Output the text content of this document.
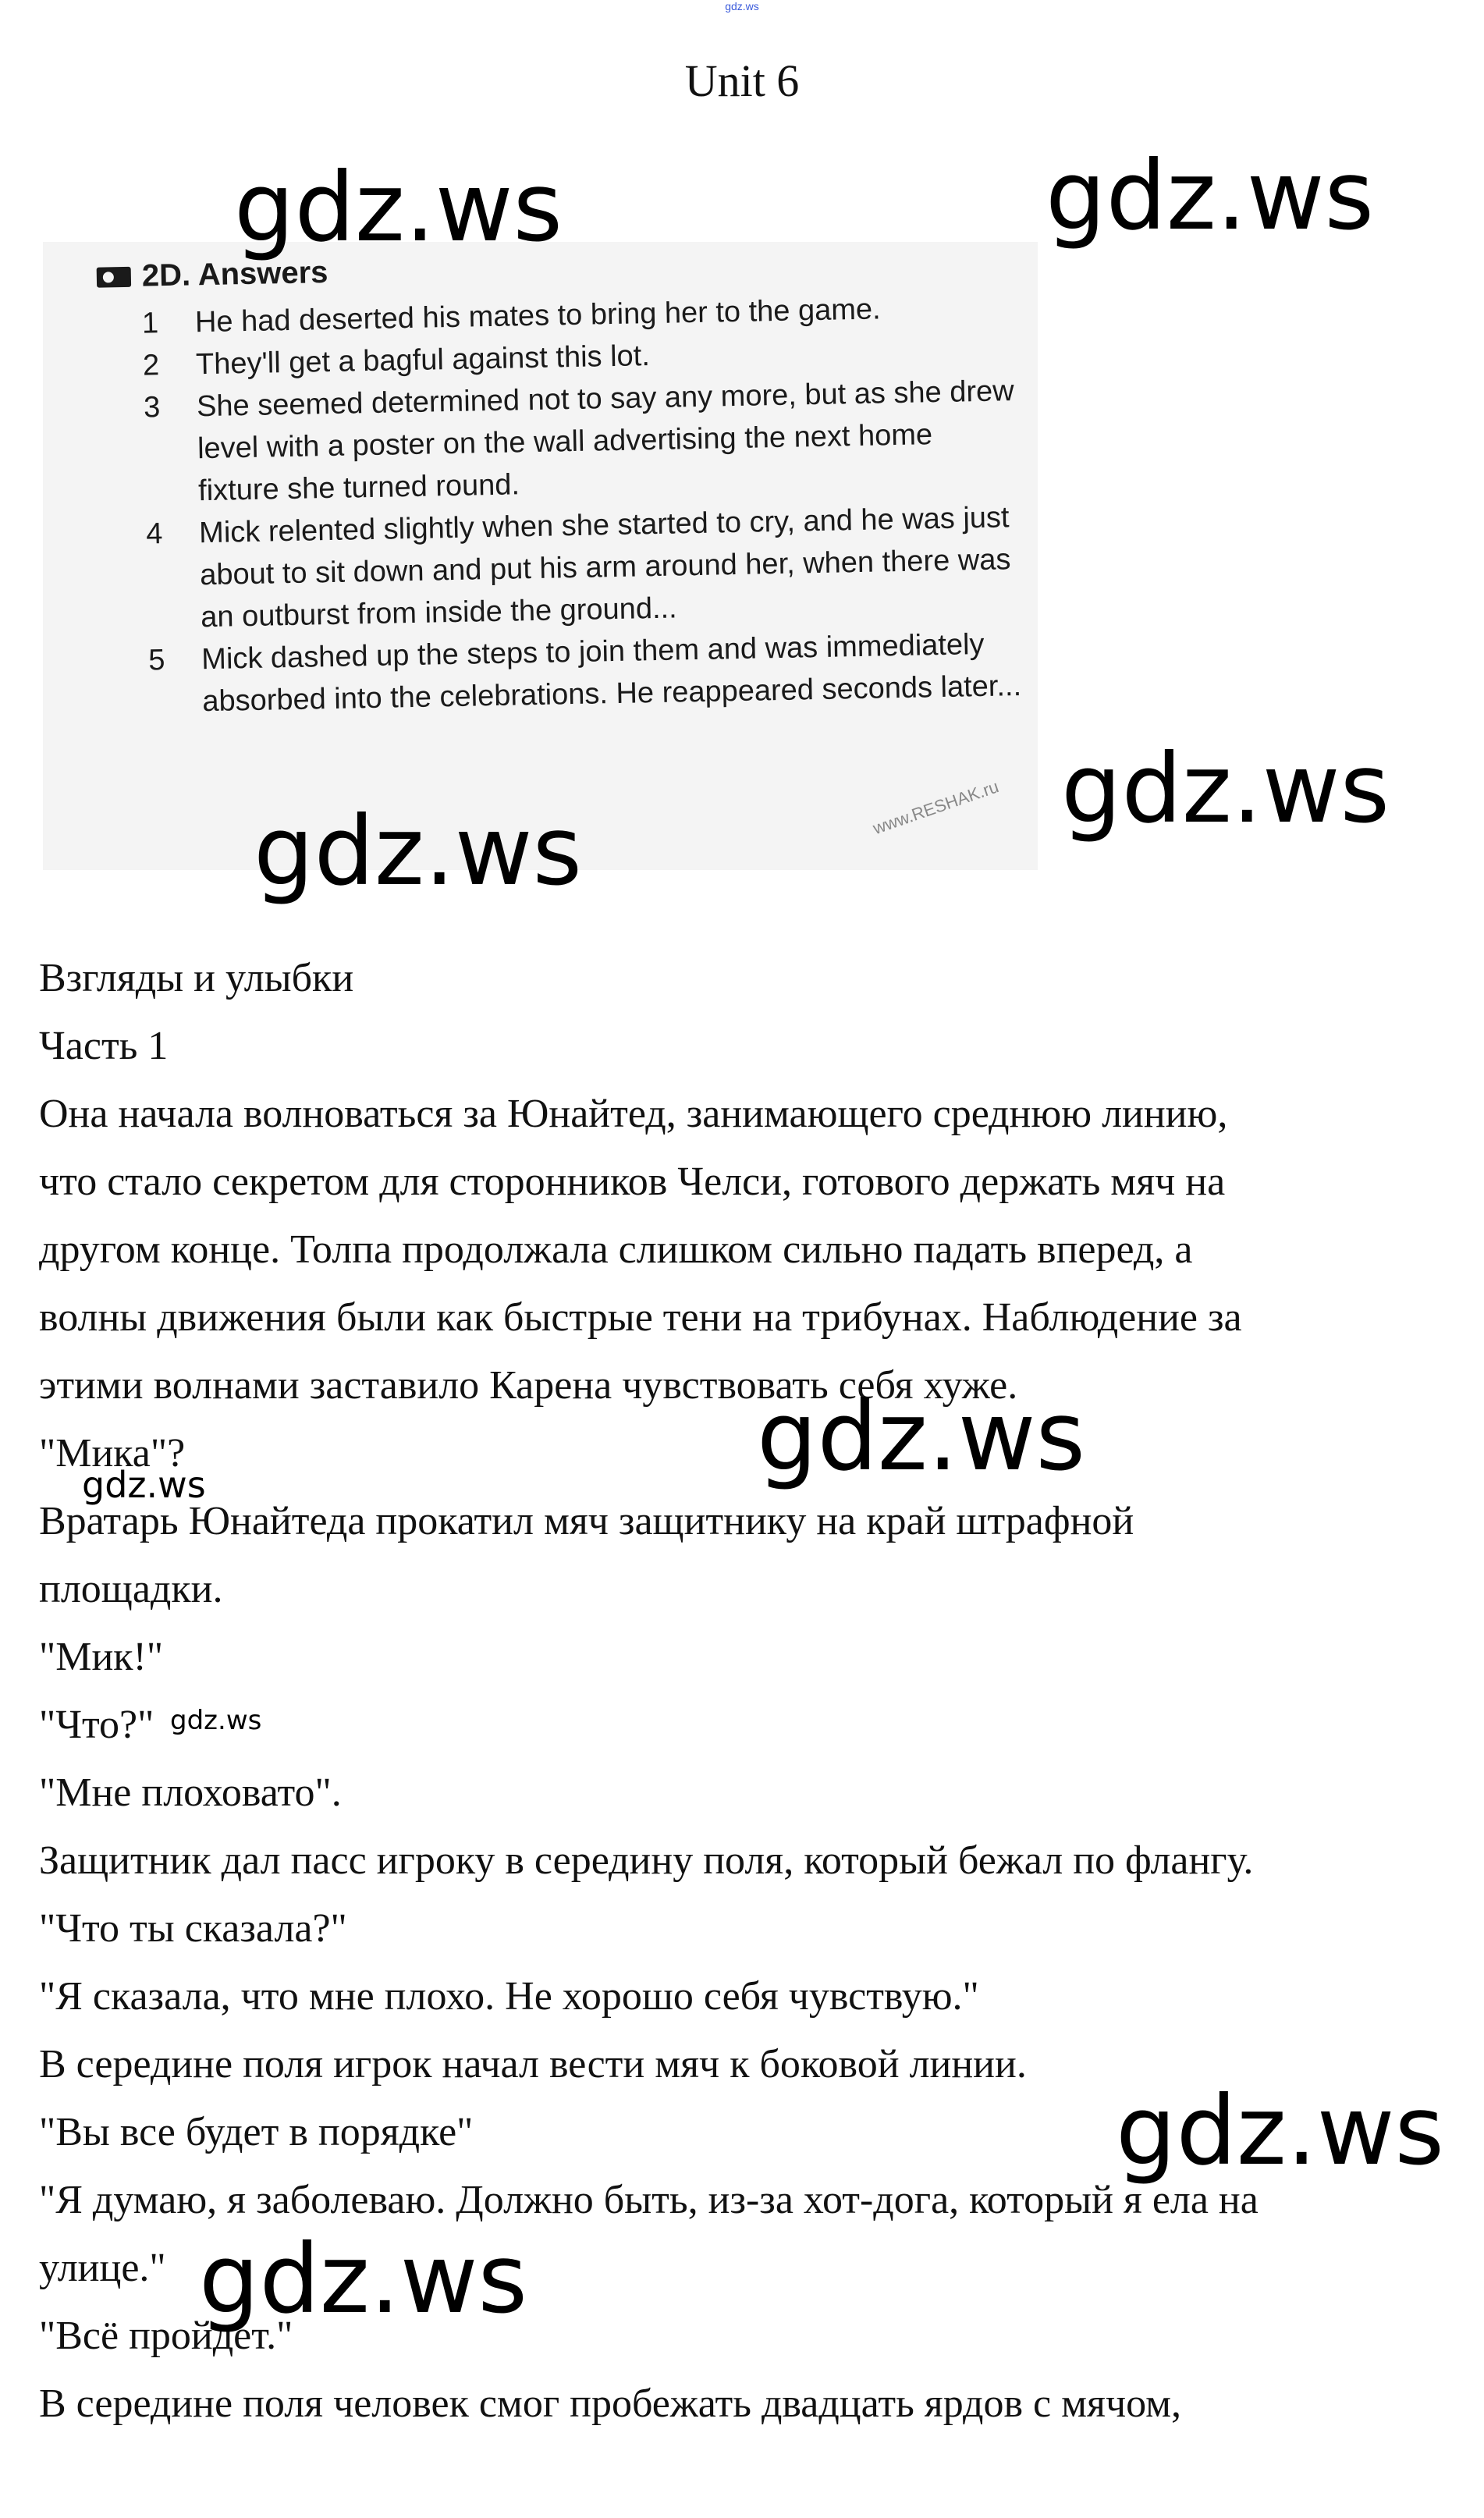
gdz.ws
Unit 6
2D. Answers
1	He had deserted his mates to bring her to the game.
2	They'll get a bagful against this lot.
3	She seemed determined not to say any more, but as she drew level with a poster on the wall advertising the next home fixture she turned round.
4	Mick relented slightly when she started to cry, and he was just about to sit down and put his arm around her, when there was an outburst from inside the ground...
5	Mick dashed up the steps to join them and was immediately absorbed into the celebrations. He reappeared seconds later...
www.RESHAK.ru

Взгляды и улыбки

Часть 1

Она начала волноваться за Юнайтед, занимающего среднюю линию,

что стало секретом для сторонников Челси, готового держать мяч на

другом конце. Толпа продолжала слишком сильно падать вперед, а

волны движения были как быстрые тени на трибунах. Наблюдение за

этими волнами заставило Карена чувствовать себя хуже.

"Мика"?

Вратарь Юнайтеда прокатил мяч защитнику на край штрафной

площадки.

"Мик!"

"Что?"

"Мне плоховато".

Защитник дал пасс игроку в середину поля, который бежал по флангу.

"Что ты сказала?"

"Я сказала, что мне плохо. Не хорошо себя чувствую."

В середине поля игрок начал вести мяч к боковой линии.

"Вы все будет в порядке"

"Я думаю, я заболеваю. Должно быть, из-за хот-дога, который я ела на

улице."

"Всё пройдет."

В середине поля человек смог пробежать двадцать ярдов с мячом,

gdz.ws	gdz.ws
gdz.ws
gdz.ws
gdz.ws
gdz.ws
gdz.ws
gdz.ws
gdz.ws
